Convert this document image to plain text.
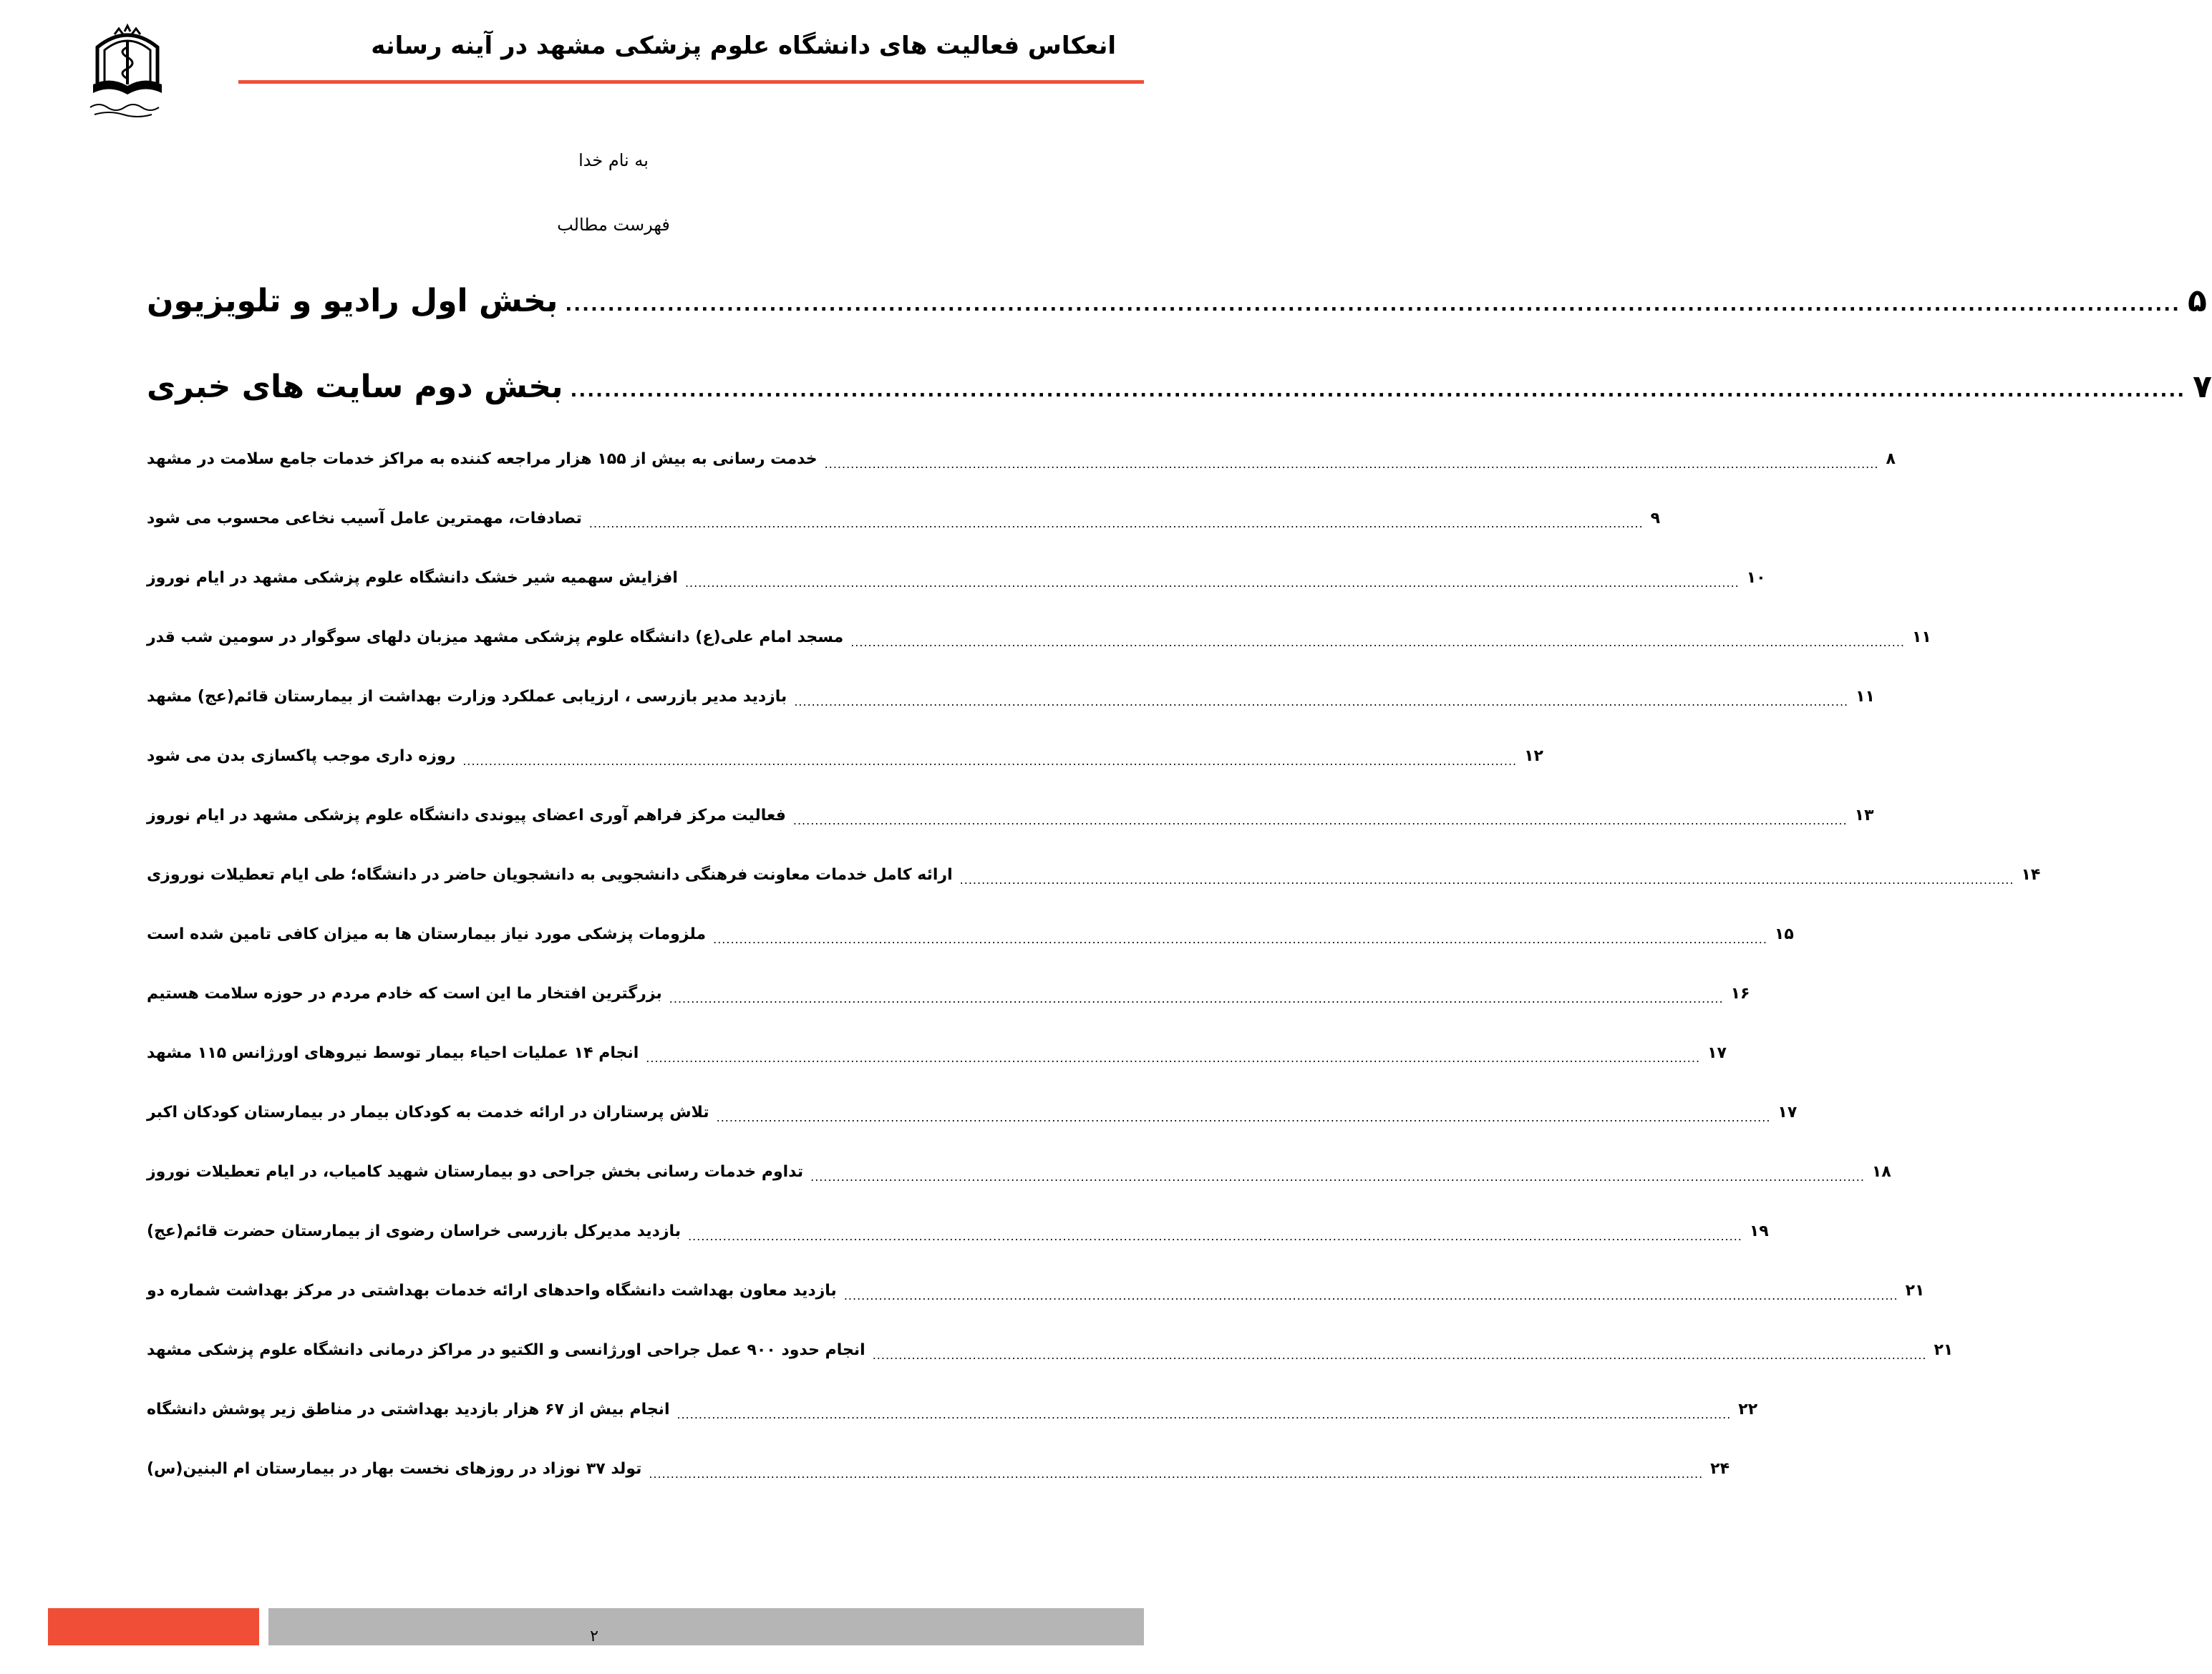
انعکاس فعالیت های دانشگاه علوم پزشکی مشهد در آینه رسانه
به نام خدا
فهرست مطالب
بخش اول رادیو و تلویزیون .............................................................................................................................................................................................. ۵
بخش دوم سایت های خبری .............................................................................................................................................................................................. ۷
خدمت رسانی به بیش از ۱۵۵ هزار مراجعه کننده به مراکز خدمات جامع سلامت در مشهد .................................................................................................................................................................................................................................................. ۸
تصادفات، مهمترین عامل آسیب نخاعی محسوب می شود .................................................................................................................................................................................................................................................. ۹
افزایش سهمیه شیر خشک دانشگاه علوم پزشکی مشهد در ایام نوروز .................................................................................................................................................................................................................................................. ۱۰
مسجد امام علی(ع) دانشگاه علوم پزشکی مشهد میزبان دلهای سوگوار در سومین شب قدر .................................................................................................................................................................................................................................................. ۱۱
بازدید مدیر بازرسی ، ارزیابی عملکرد وزارت بهداشت از بیمارستان قائم(عج) مشهد .................................................................................................................................................................................................................................................. ۱۱
روزه داری موجب پاکسازی بدن می شود .................................................................................................................................................................................................................................................. ۱۲
فعالیت مرکز فراهم آوری اعضای پیوندی دانشگاه علوم پزشکی مشهد در ایام نوروز .................................................................................................................................................................................................................................................. ۱۳
ارائه کامل خدمات معاونت فرهنگی دانشجویی به دانشجویان حاضر در دانشگاه؛ طی ایام تعطیلات نوروزی .................................................................................................................................................................................................................................................. ۱۴
ملزومات پزشکی مورد نیاز بیمارستان ها به میزان کافی تامین شده است .................................................................................................................................................................................................................................................. ۱۵
بزرگترین افتخار ما این است که خادم مردم در حوزه سلامت هستیم .................................................................................................................................................................................................................................................. ۱۶
انجام ۱۴ عملیات احیاء بیمار توسط نیروهای اورژانس ۱۱۵ مشهد .................................................................................................................................................................................................................................................. ۱۷
تلاش پرستاران در ارائه خدمت به کودکان بیمار در بیمارستان کودکان اکبر .................................................................................................................................................................................................................................................. ۱۷
تداوم خدمات رسانی بخش جراحی دو بیمارستان شهید کامیاب، در ایام تعطیلات نوروز .................................................................................................................................................................................................................................................. ۱۸
بازدید مدیرکل بازرسی خراسان رضوی از بیمارستان حضرت قائم(عج) .................................................................................................................................................................................................................................................. ۱۹
بازدید معاون بهداشت دانشگاه واحدهای ارائه خدمات بهداشتی در مرکز بهداشت شماره دو .................................................................................................................................................................................................................................................. ۲۱
انجام حدود ۹۰۰ عمل جراحی اورژانسی و الکتیو در مراکز درمانی دانشگاه علوم پزشکی مشهد .................................................................................................................................................................................................................................................. ۲۱
انجام بیش از ۶۷ هزار بازدید بهداشتی در مناطق زیر پوشش دانشگاه .................................................................................................................................................................................................................................................. ۲۲
تولد ۳۷ نوزاد در روزهای نخست بهار در بیمارستان ام البنین(س) .................................................................................................................................................................................................................................................. ۲۴
۲
